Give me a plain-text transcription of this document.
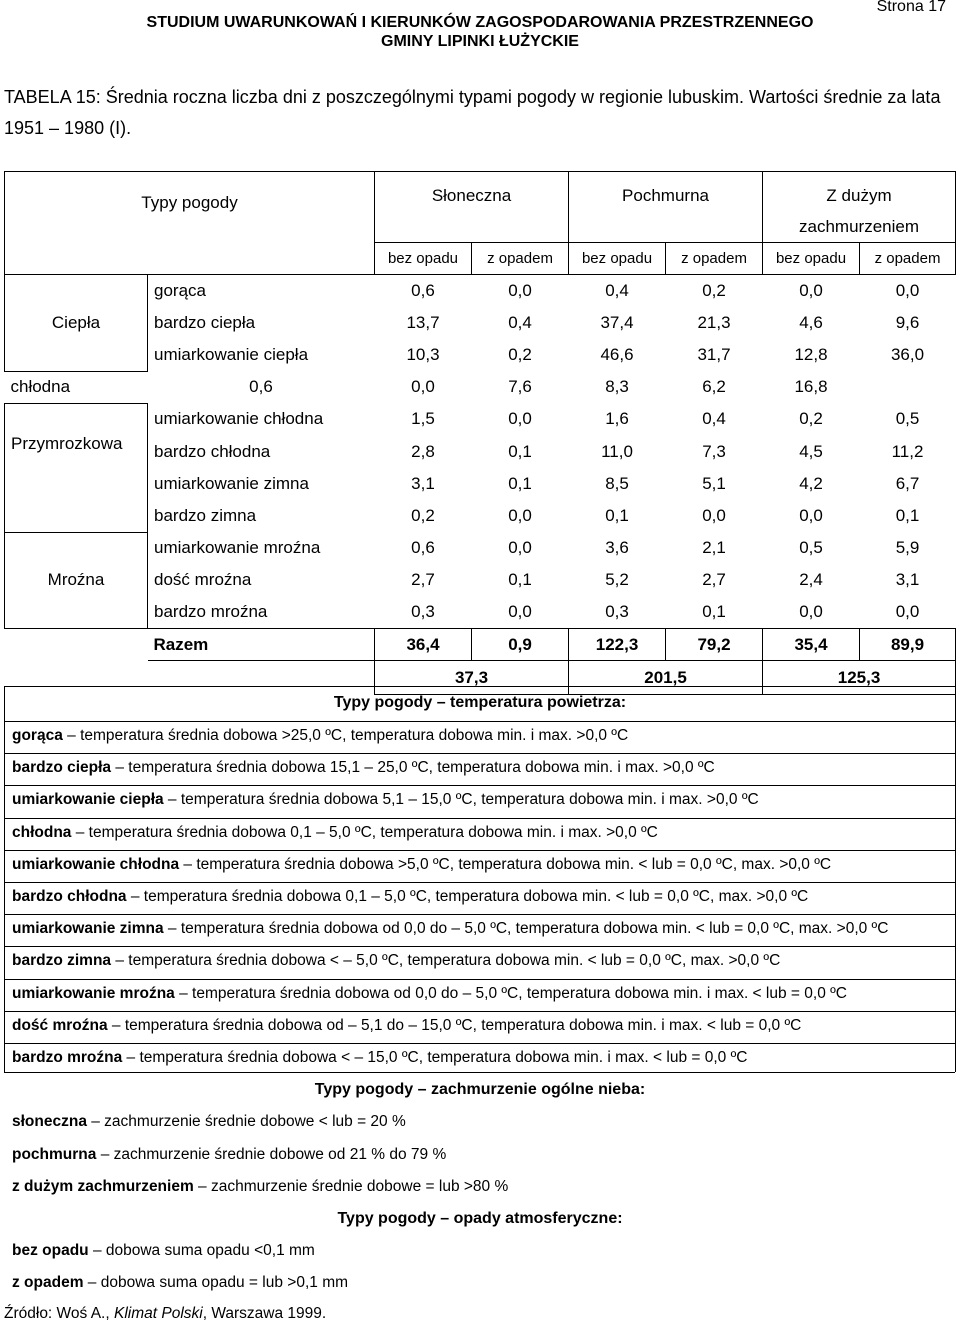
Strona 17
STUDIUM UWARUNKOWAŃ I KIERUNKÓW ZAGOSPODAROWANIA PRZESTRZENNEGO
GMINY LIPINKI ŁUŻYCKIE
TABELA 15: Średnia roczna liczba dni z poszczególnymi typami pogody w regionie lubuskim. Wartości średnie za lata 1951 – 1980 (I).
Typy pogody		Słoneczna		Pochmurna		Z dużym zachmurzeniem	
		bez opadu	z opadem	bez opadu	z opadem	bez opadu	z opadem
Ciepła	gorąca	0,6	0,0	0,4	0,2	0,0	0,0
	bardzo ciepła	13,7	0,4	37,4	21,3	4,6	9,6
	umiarkowanie ciepła	10,3	0,2	46,6	31,7	12,8	36,0
chłodna	0,6	0,0	7,6	8,3	6,2	16,8	
Przymrozkowa	umiarkowanie chłodna	1,5	0,0	1,6	0,4	0,2	0,5
	bardzo chłodna	2,8	0,1	11,0	7,3	4,5	11,2
	umiarkowanie zimna	3,1	0,1	8,5	5,1	4,2	6,7
	bardzo zimna	0,2	0,0	0,1	0,0	0,0	0,1
Mroźna	umiarkowanie mroźna	0,6	0,0	3,6	2,1	0,5	5,9
	dość mroźna	2,7	0,1	5,2	2,7	2,4	3,1
	bardzo mroźna	0,3	0,0	0,3	0,1	0,0	0,0
	Razem	36,4	0,9	122,3	79,2	35,4	89,9
		37,3		201,5		125,3	
Typy pogody – temperatura powietrza:
gorąca – temperatura średnia dobowa >25,0 ºC, temperatura dobowa min. i max. >0,0 ºC
bardzo ciepła – temperatura średnia dobowa 15,1 – 25,0 ºC, temperatura dobowa min. i max. >0,0 ºC
umiarkowanie ciepła – temperatura średnia dobowa 5,1 – 15,0 ºC, temperatura dobowa min. i max. >0,0 ºC
chłodna – temperatura średnia dobowa 0,1 – 5,0 ºC, temperatura dobowa min. i max. >0,0 ºC
umiarkowanie chłodna – temperatura średnia dobowa >5,0 ºC, temperatura dobowa min. < lub = 0,0 ºC, max. >0,0 ºC
bardzo chłodna – temperatura średnia dobowa 0,1 – 5,0 ºC, temperatura dobowa min. < lub = 0,0 ºC, max. >0,0 ºC
umiarkowanie zimna – temperatura średnia dobowa od 0,0 do – 5,0 ºC, temperatura dobowa min. < lub = 0,0 ºC, max. >0,0 ºC
bardzo zimna – temperatura średnia dobowa < – 5,0 ºC, temperatura dobowa min. < lub = 0,0 ºC, max. >0,0 ºC
umiarkowanie mroźna – temperatura średnia dobowa od 0,0 do – 5,0 ºC, temperatura dobowa min. i max. < lub = 0,0 ºC
dość mroźna – temperatura średnia dobowa od – 5,1 do – 15,0 ºC, temperatura dobowa min. i max. < lub = 0,0 ºC
bardzo mroźna – temperatura średnia dobowa < – 15,0 ºC, temperatura dobowa min. i max. < lub = 0,0 ºC
Typy pogody – zachmurzenie ogólne nieba:
słoneczna – zachmurzenie średnie dobowe < lub = 20 %
pochmurna – zachmurzenie średnie dobowe od 21 % do 79 %
z dużym zachmurzeniem – zachmurzenie średnie dobowe = lub >80 %
Typy pogody – opady atmosferyczne:
bez opadu – dobowa suma opadu <0,1 mm
z opadem – dobowa suma opadu = lub >0,1 mm
Źródło: Woś A., Klimat Polski, Warszawa 1999.
